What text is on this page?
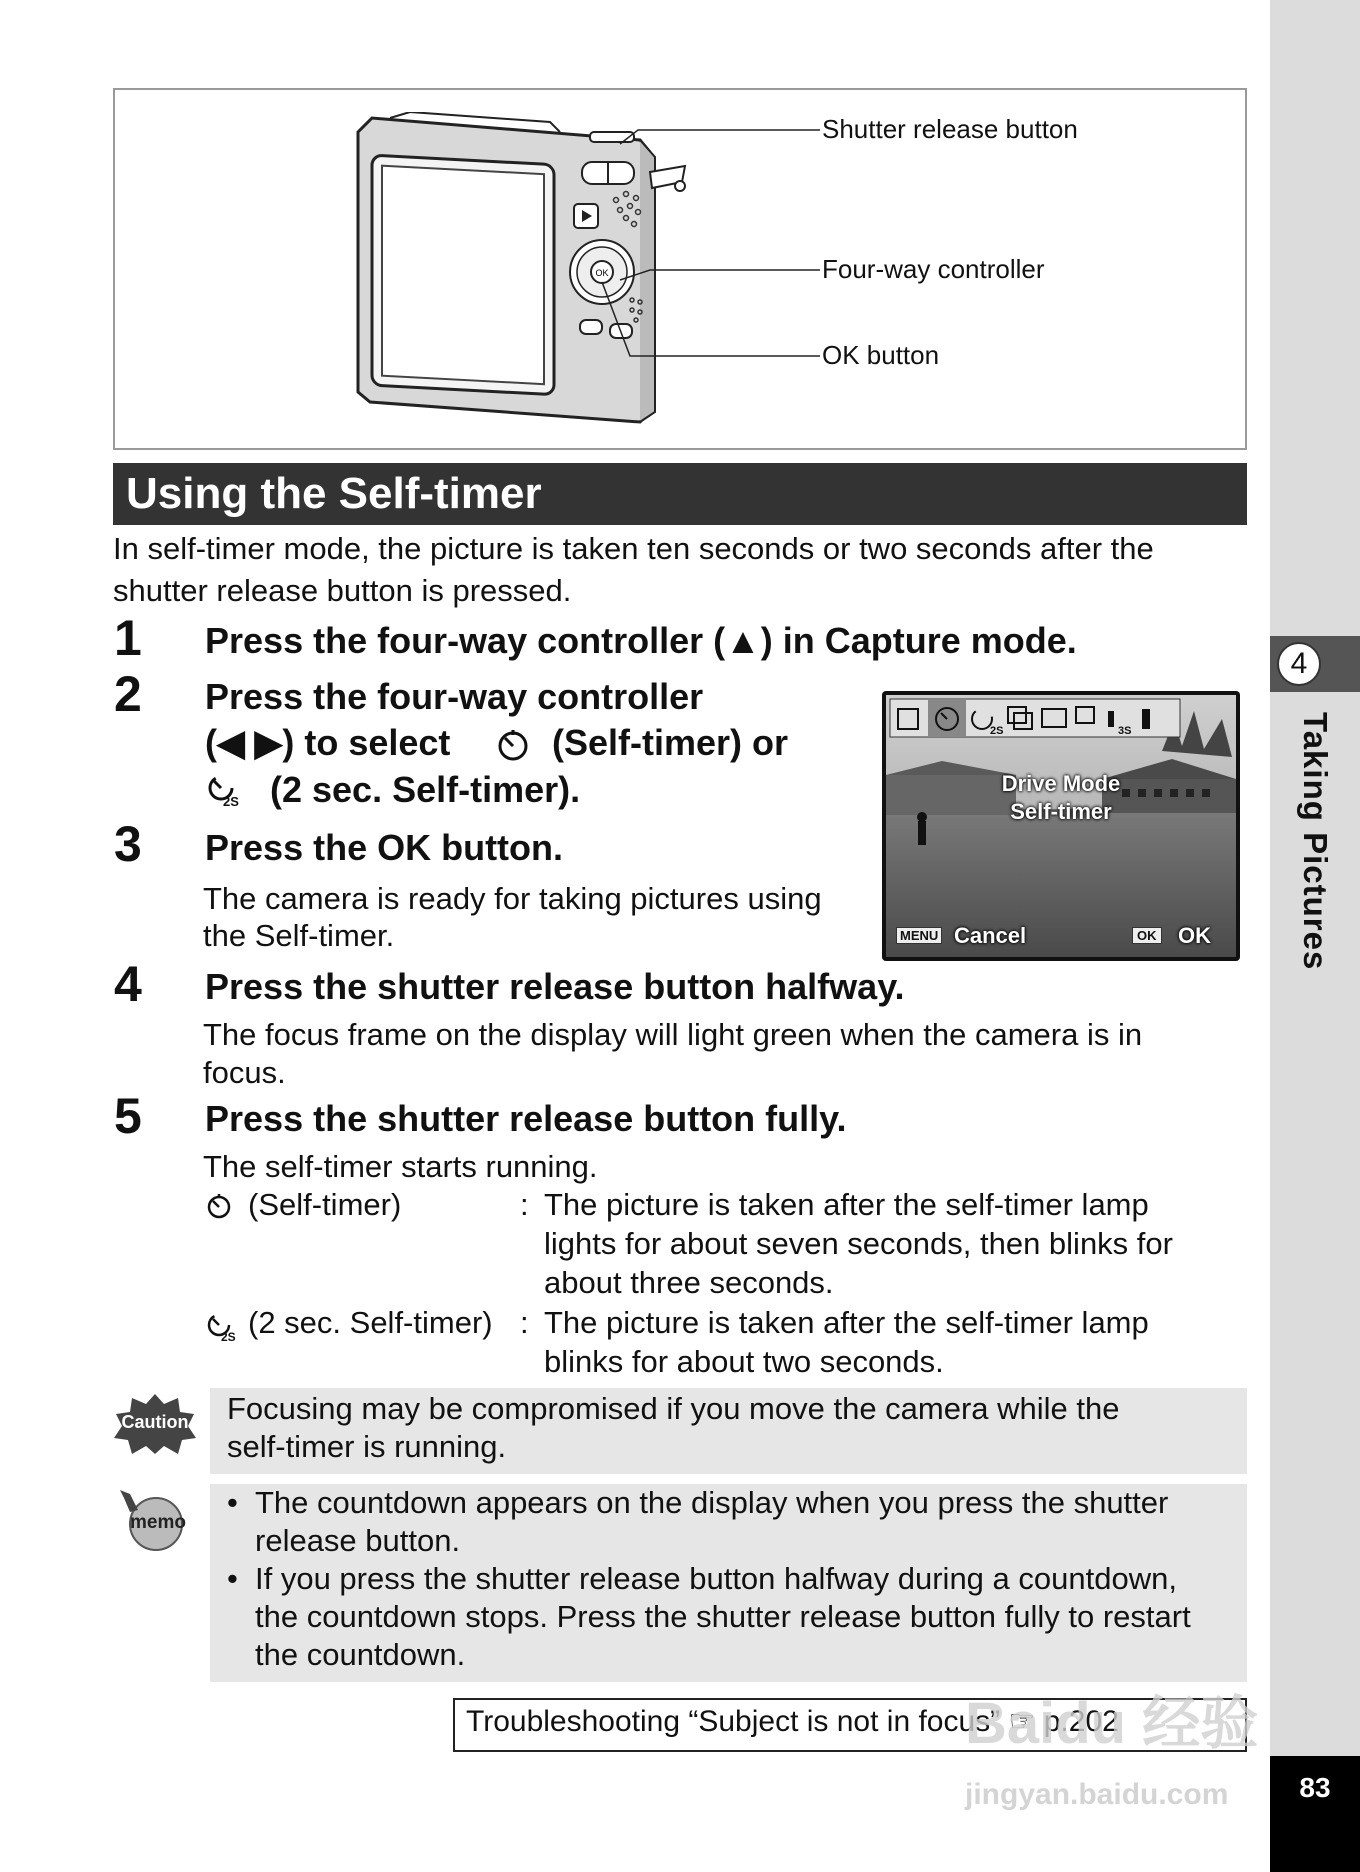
4
Taking Pictures
OK
Shutter release button
Four-way controller
OK button
Using the Self-timer
In self-timer mode, the picture is taken ten seconds or two seconds after the shutter release button is pressed.
1 Press the four-way controller (▲) in Capture mode.
2 Press the four-way controller
(◀ ▶) to select	(Self-timer) or
2S (2 sec. Self-timer).
2S	3S
Drive Mode
Self-timer
MENU Cancel	OK OK
3 Press the OK button.
The camera is ready for taking pictures using
the Self-timer.
4 Press the shutter release button halfway.
The focus frame on the display will light green when the camera is in
focus.
5 Press the shutter release button fully.
The self-timer starts running.
(Self-timer)	: The picture is taken after the self-timer lamp
lights for about seven seconds, then blinks for
about three seconds.
2S (2 sec. Self-timer) : The picture is taken after the self-timer lamp
blinks for about two seconds.
Caution	Focusing may be compromised if you move the camera while the
self-timer is running.
memo
• The countdown appears on the display when you press the shutter
release button.
• If you press the shutter release button halfway during a countdown,
the countdown stops. Press the shutter release button fully to restart
the countdown.
Troubleshooting “Subject is not in focus” ☞ p.202
Baidu 经验
jingyan.baidu.com	83
